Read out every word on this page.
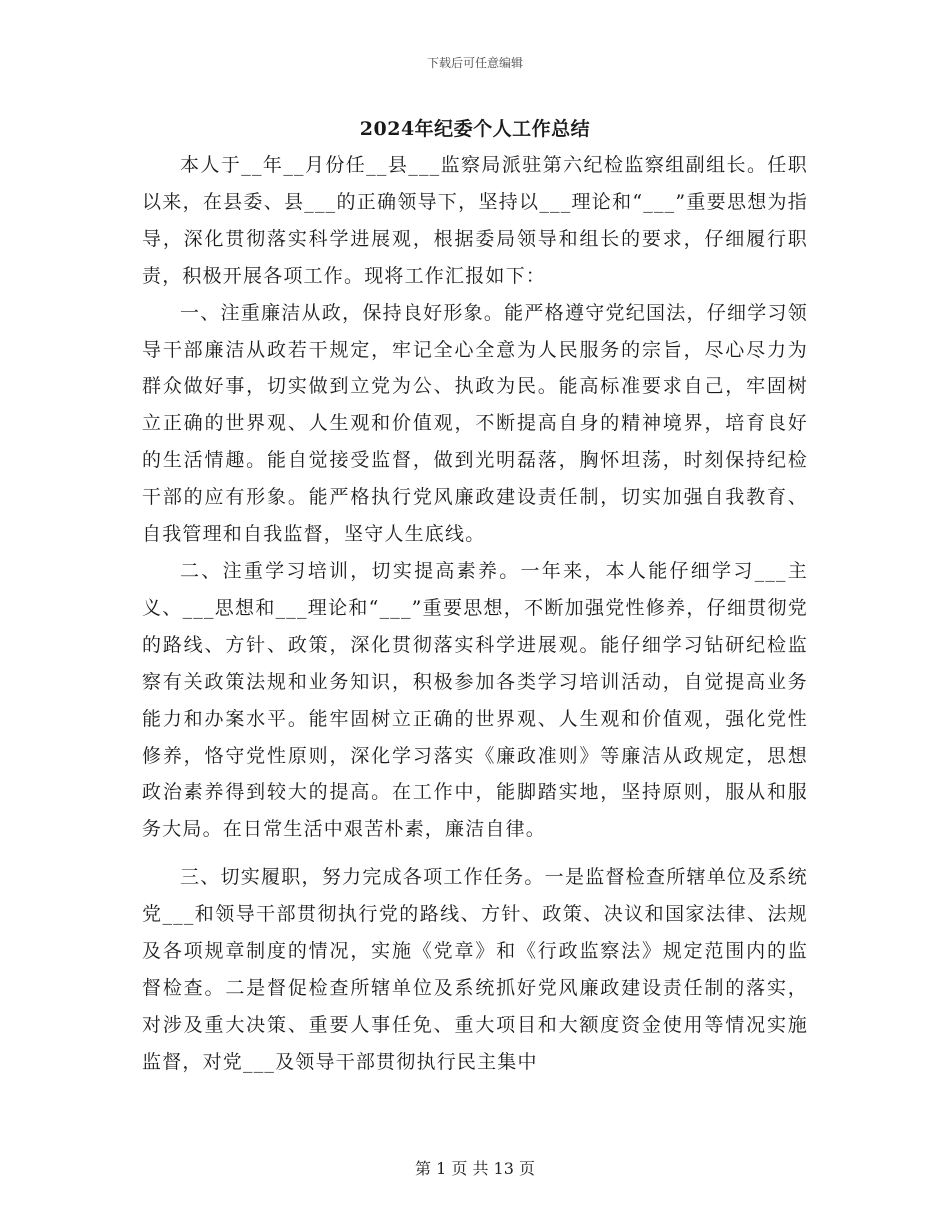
下载后可任意编辑
2024年纪委个人工作总结

本人于__年__月份任__县___监察局派驻第六纪检监察组副组长。任职以来，在县委、县___的正确领导下，坚持以___理论和“___”重要思想为指导，深化贯彻落实科学进展观，根据委局领导和组长的要求，仔细履行职责，积极开展各项工作。现将工作汇报如下：

一、注重廉洁从政，保持良好形象。能严格遵守党纪国法，仔细学习领导干部廉洁从政若干规定，牢记全心全意为人民服务的宗旨，尽心尽力为群众做好事，切实做到立党为公、执政为民。能高标准要求自己，牢固树立正确的世界观、人生观和价值观，不断提高自身的精神境界，培育良好的生活情趣。能自觉接受监督，做到光明磊落，胸怀坦荡，时刻保持纪检干部的应有形象。能严格执行党风廉政建设责任制，切实加强自我教育、自我管理和自我监督，坚守人生底线。

二、注重学习培训，切实提高素养。一年来，本人能仔细学习___主义、___思想和___理论和“___”重要思想，不断加强党性修养，仔细贯彻党的路线、方针、政策，深化贯彻落实科学进展观。能仔细学习钻研纪检监察有关政策法规和业务知识，积极参加各类学习培训活动，自觉提高业务能力和办案水平。能牢固树立正确的世界观、人生观和价值观，强化党性修养，恪守党性原则，深化学习落实《廉政准则》等廉洁从政规定，思想政治素养得到较大的提高。在工作中，能脚踏实地，坚持原则，服从和服务大局。在日常生活中艰苦朴素，廉洁自律。

三、切实履职，努力完成各项工作任务。一是监督检查所辖单位及系统党___和领导干部贯彻执行党的路线、方针、政策、决议和国家法律、法规及各项规章制度的情况，实施《党章》和《行政监察法》规定范围内的监督检查。二是督促检查所辖单位及系统抓好党风廉政建设责任制的落实，对涉及重大决策、重要人事任免、重大项目和大额度资金使用等情况实施监督，对党___及领导干部贯彻执行民主集中

第 1 页 共 13 页
